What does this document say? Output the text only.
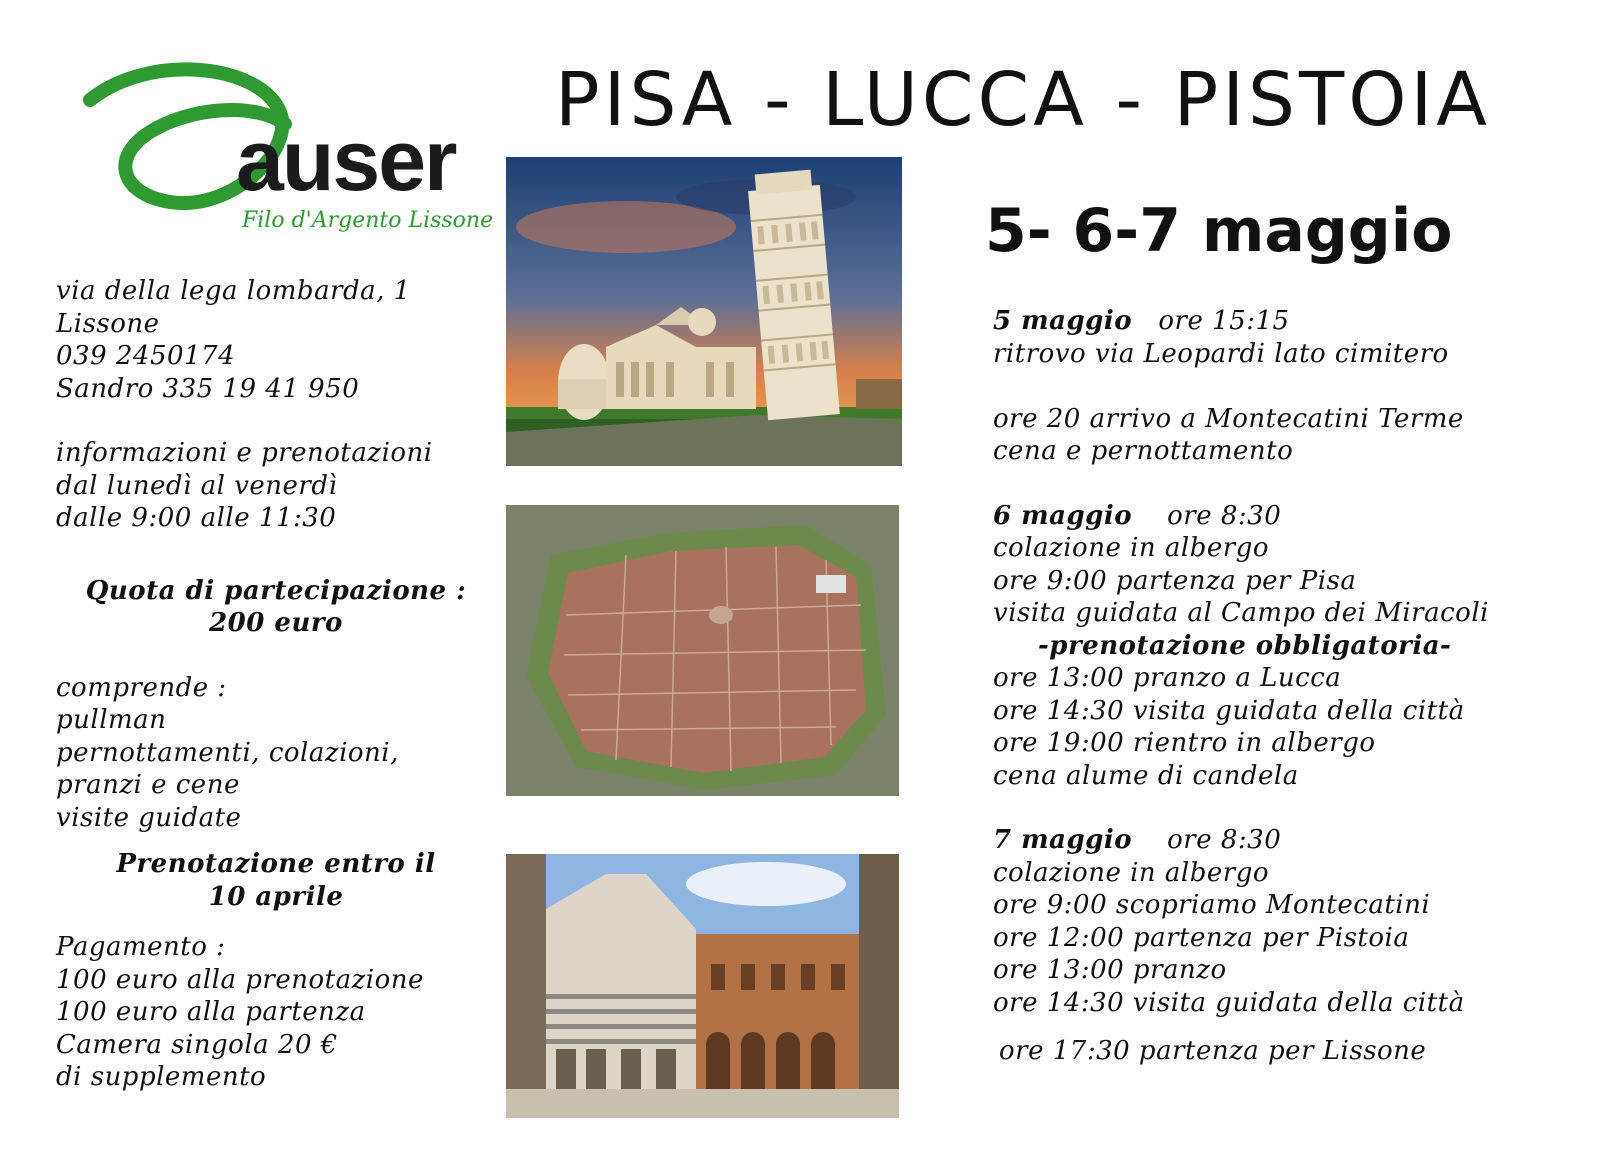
auser
Filo d'Argento Lissone
PISA - LUCCA - PISTOIA
5- 6-7 maggio
via della lega lombarda, 1
Lissone
039 2450174
Sandro 335 19 41 950
informazioni e prenotazioni
dal lunedì al venerdì
dalle 9:00 alle 11:30
Quota di partecipazione :
200 euro
comprende :
pullman
pernottamenti, colazioni,
pranzi e cene
visite guidate
Prenotazione entro il
10 aprile
Pagamento :
100 euro alla prenotazione
100 euro alla partenza
Camera singola 20 €
di supplemento
5 maggio ore 15:15
ritrovo via Leopardi lato cimitero

ore 20 arrivo a Montecatini Terme
cena e pernottamento
6 maggio ore 8:30
colazione in albergo
ore 9:00 partenza per Pisa
visita guidata al Campo dei Miracoli
-prenotazione obbligatoria-
ore 13:00 pranzo a Lucca
ore 14:30 visita guidata della città
ore 19:00 rientro in albergo
cena alume di candela
7 maggio ore 8:30
colazione in albergo
ore 9:00 scopriamo Montecatini
ore 12:00 partenza per Pistoia
ore 13:00 pranzo
ore 14:30 visita guidata della città
ore 17:30 partenza per Lissone
